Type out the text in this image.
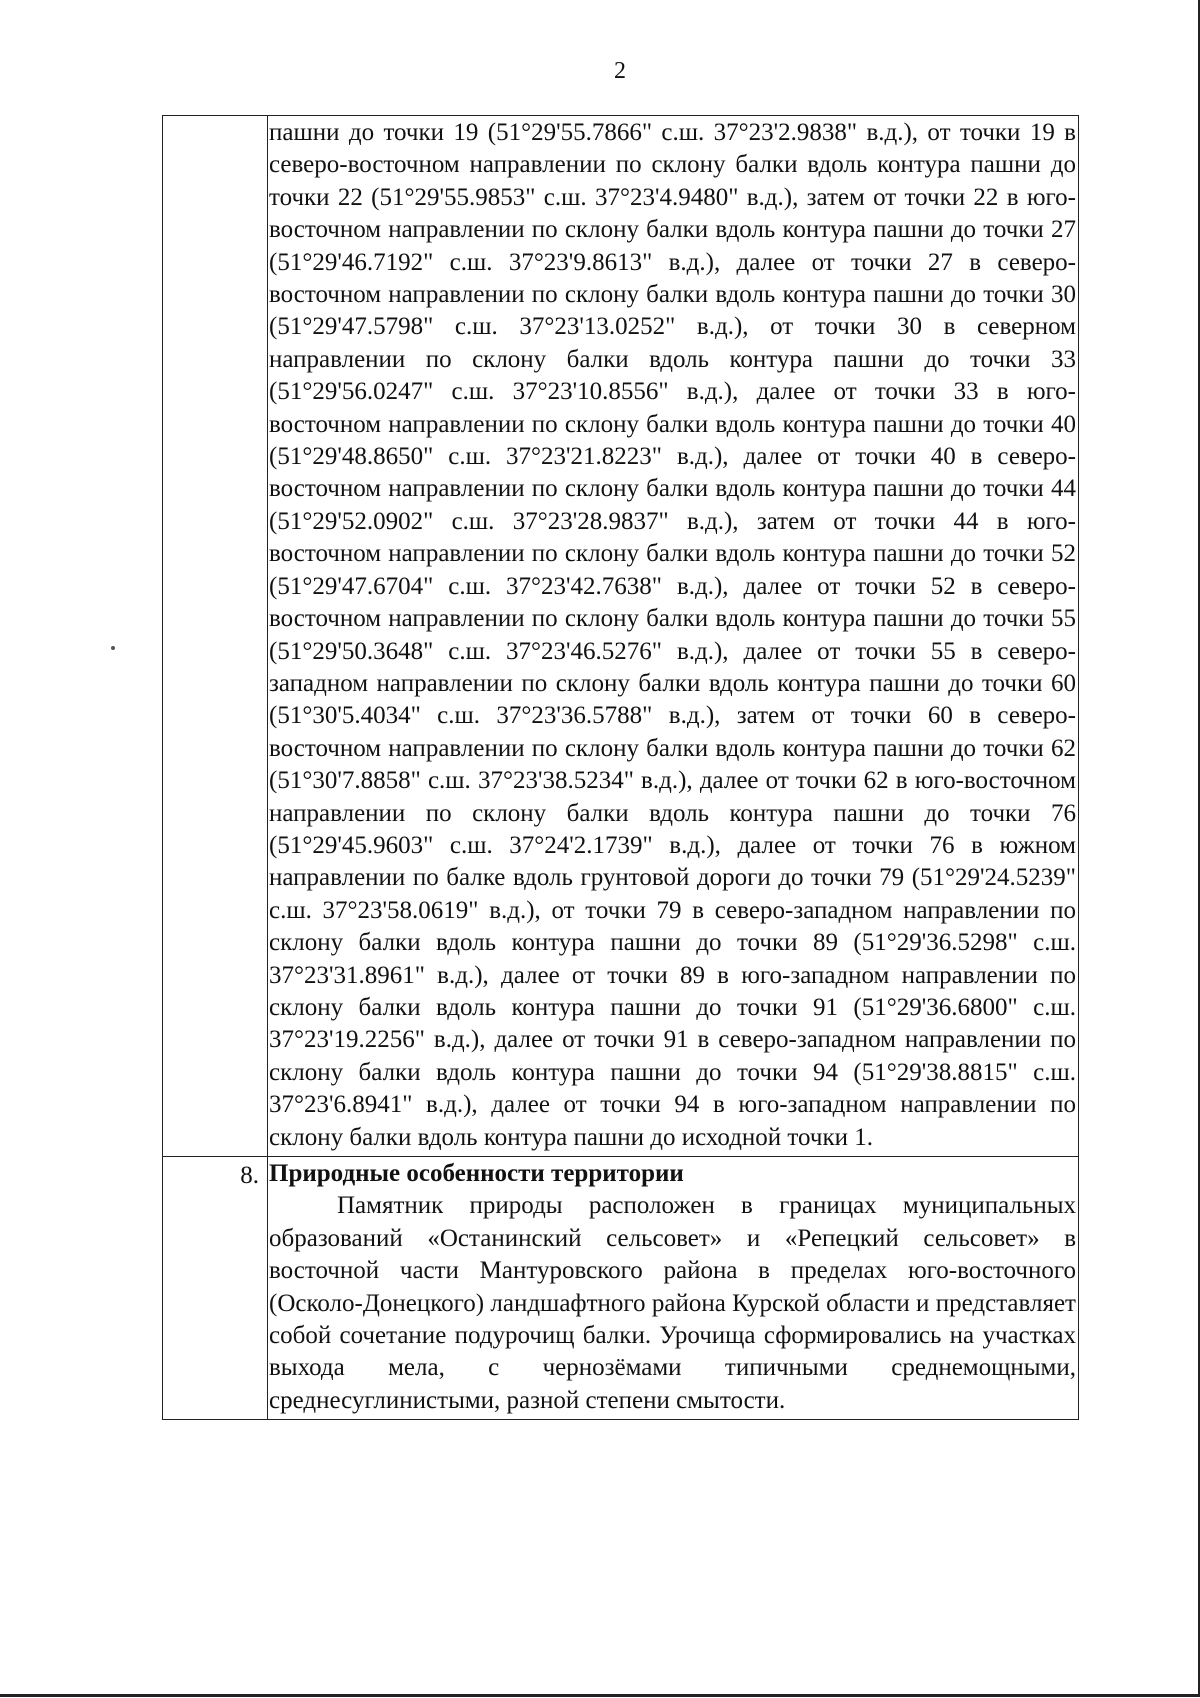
2

	пашни до точки 19 (51°29'55.7866" с.ш. 37°23'2.9838" в.д.), от точки 19 в северо-восточном направлении по склону балки вдоль контура пашни до точки 22 (51°29'55.9853" с.ш. 37°23'4.9480" в.д.), затем от точки 22 в юго-восточном направлении по склону балки вдоль контура пашни до точки 27 (51°29'46.7192" с.ш. 37°23'9.8613" в.д.), далее от точки 27 в северо-восточном направлении по склону балки вдоль контура пашни до точки 30 (51°29'47.5798" с.ш. 37°23'13.0252" в.д.), от точки 30 в северном направлении по склону балки вдоль контура пашни до точки 33 (51°29'56.0247" с.ш. 37°23'10.8556" в.д.), далее от точки 33 в юго-восточном направлении по склону балки вдоль контура пашни до точки 40 (51°29'48.8650" с.ш. 37°23'21.8223" в.д.), далее от точки 40 в северо-восточном направлении по склону балки вдоль контура пашни до точки 44 (51°29'52.0902" с.ш. 37°23'28.9837" в.д.), затем от точки 44 в юго-восточном направлении по склону балки вдоль контура пашни до точки 52 (51°29'47.6704" с.ш. 37°23'42.7638" в.д.), далее от точки 52 в северо-восточном направлении по склону балки вдоль контура пашни до точки 55 (51°29'50.3648" с.ш. 37°23'46.5276" в.д.), далее от точки 55 в северо-западном направлении по склону балки вдоль контура пашни до точки 60 (51°30'5.4034" с.ш. 37°23'36.5788" в.д.), затем от точки 60 в северо-восточном направлении по склону балки вдоль контура пашни до точки 62 (51°30'7.8858" с.ш. 37°23'38.5234" в.д.), далее от точки 62 в юго-восточном направлении по склону балки вдоль контура пашни до точки 76 (51°29'45.9603" с.ш. 37°24'2.1739" в.д.), далее от точки 76 в южном направлении по балке вдоль грунтовой дороги до точки 79 (51°29'24.5239" с.ш. 37°23'58.0619" в.д.), от точки 79 в северо-западном направлении по склону балки вдоль контура пашни до точки 89 (51°29'36.5298" с.ш. 37°23'31.8961" в.д.), далее от точки 89 в юго-западном направлении по склону балки вдоль контура пашни до точки 91 (51°29'36.6800" с.ш. 37°23'19.2256" в.д.), далее от точки 91 в северо-западном направлении по склону балки вдоль контура пашни до точки 94 (51°29'38.8815" с.ш. 37°23'6.8941" в.д.), далее от точки 94 в юго-западном направлении по склону балки вдоль контура пашни до исходной точки 1.

8.	Природные особенности территории

Памятник природы расположен в границах муниципальных образований «Останинский сельсовет» и «Репецкий сельсовет» в восточной части Мантуровского района в пределах юго-восточного (Осколо-Донецкого) ландшафтного района Курской области и представляет собой сочетание подурочищ балки. Урочища сформировались на участках выхода мела, с чернозёмами типичными среднемощными, среднесуглинистыми, разной степени смытости.
